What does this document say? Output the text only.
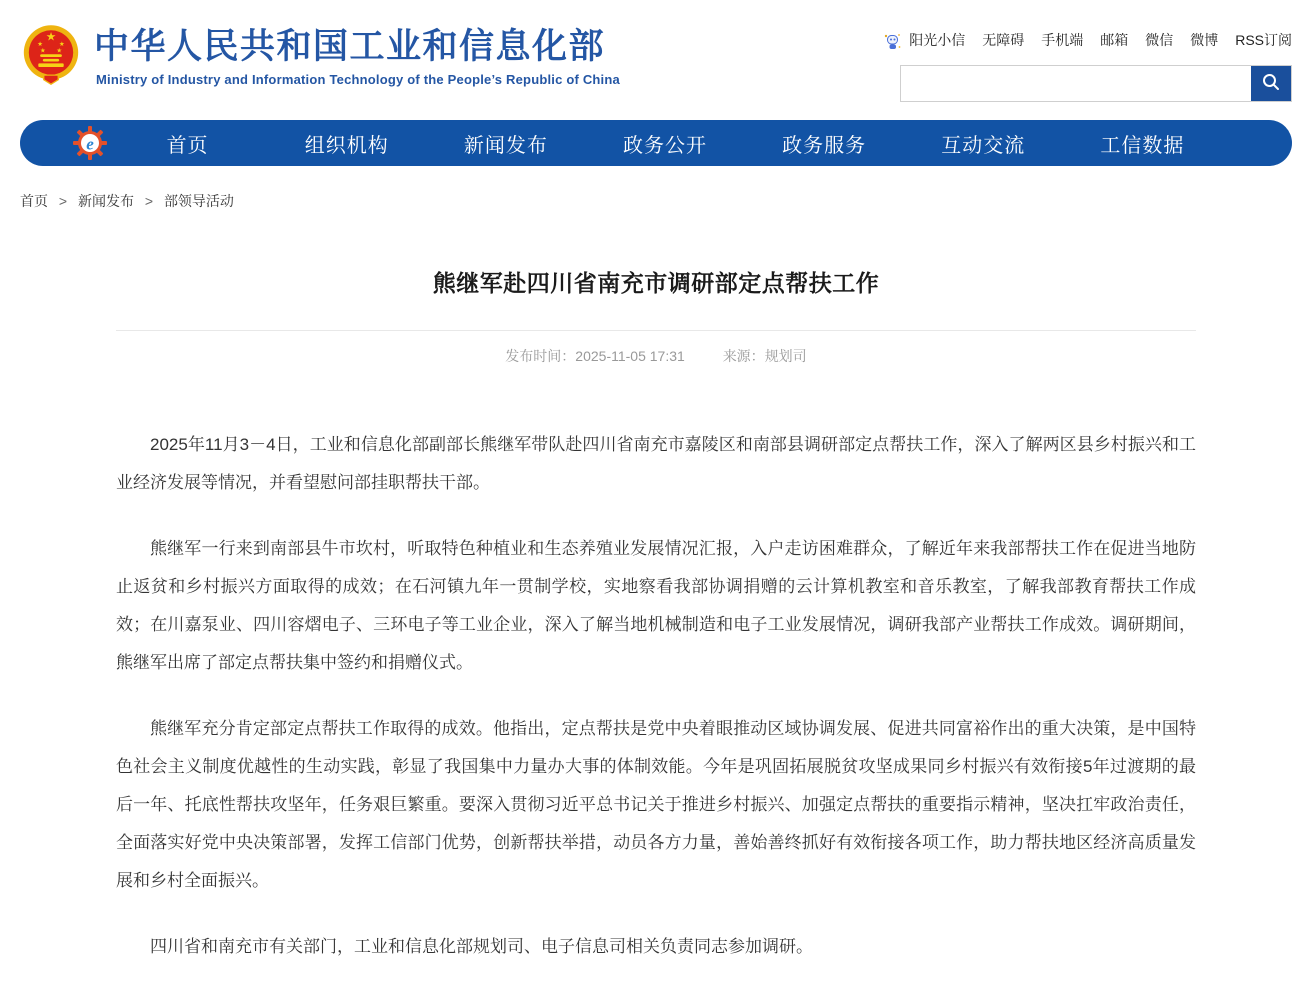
★
★ ★
★ ★ 中华人民共和国工业和信息化部
Ministry of Industry and Information Technology of the People’s Republic of China
阳光小信 无障碍 手机端 邮箱 微信 微博 RSS订阅
e	首页	组织机构	新闻发布	政务公开	政务服务	互动交流	工信数据
首页 > 新闻发布 > 部领导活动
熊继军赴四川省南充市调研部定点帮扶工作
发布时间：2025-11-05 17:31	来源：规划司

2025年11月3－4日，工业和信息化部副部长熊继军带队赴四川省南充市嘉陵区和南部县调研部定点帮扶工作，深入了解两区县乡村振兴和工业经济发展等情况，并看望慰问部挂职帮扶干部。

熊继军一行来到南部县牛市坎村，听取特色种植业和生态养殖业发展情况汇报，入户走访困难群众，了解近年来我部帮扶工作在促进当地防止返贫和乡村振兴方面取得的成效；在石河镇九年一贯制学校，实地察看我部协调捐赠的云计算机教室和音乐教室，了解我部教育帮扶工作成效；在川嘉泵业、四川容熠电子、三环电子等工业企业，深入了解当地机械制造和电子工业发展情况，调研我部产业帮扶工作成效。调研期间，熊继军出席了部定点帮扶集中签约和捐赠仪式。

熊继军充分肯定部定点帮扶工作取得的成效。他指出，定点帮扶是党中央着眼推动区域协调发展、促进共同富裕作出的重大决策，是中国特色社会主义制度优越性的生动实践，彰显了我国集中力量办大事的体制效能。今年是巩固拓展脱贫攻坚成果同乡村振兴有效衔接5年过渡期的最后一年、托底性帮扶攻坚年，任务艰巨繁重。要深入贯彻习近平总书记关于推进乡村振兴、加强定点帮扶的重要指示精神，坚决扛牢政治责任，全面落实好党中央决策部署，发挥工信部门优势，创新帮扶举措，动员各方力量，善始善终抓好有效衔接各项工作，助力帮扶地区经济高质量发展和乡村全面振兴。

四川省和南充市有关部门，工业和信息化部规划司、电子信息司相关负责同志参加调研。
